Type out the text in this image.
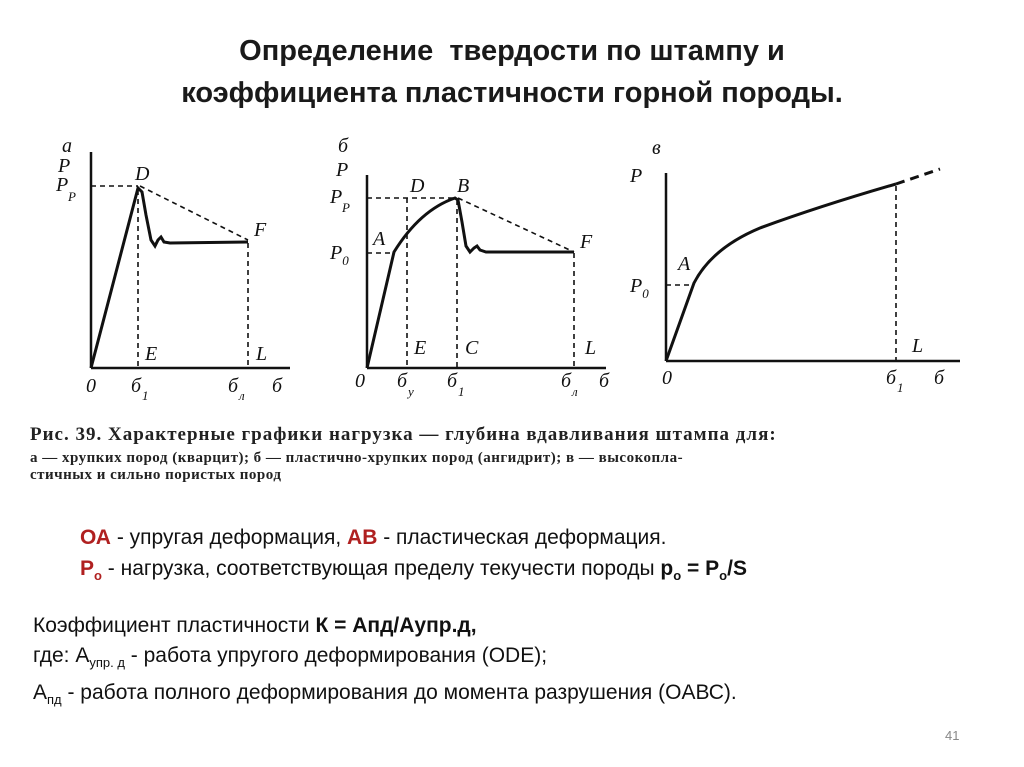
Определение  твердости по штампу и
коэффициента пластичности горной породы.
а
P
P
P
D
F
E	L
0 б 1	б л б
б
P
P P
$P_0$
D B
A	F
E C	L
0 б у б 1	б л б
в
P
$P_0$
A
L
0	б 1 б
Рис. 39. Характерные графики нагрузка — глубина вдавливания штампа для:
а — хрупких пород (кварцит); б — пластично-хрупких пород (ангидрит); в — высокопла-
стичных и сильно пористых пород
ОА - упругая деформация, АВ - пластическая деформация.
$Р_о$ - нагрузка, соответствующая пределу текучести породы $р_о = Р_о/S$
Коэффициент пластичности К = Апд/Аупр.д,
где: $А_{упр. д}$ - работа упругого деформирования (ODE);
$А_{пд}$ - работа полного деформирования до момента разрушения (OАВС).
41
